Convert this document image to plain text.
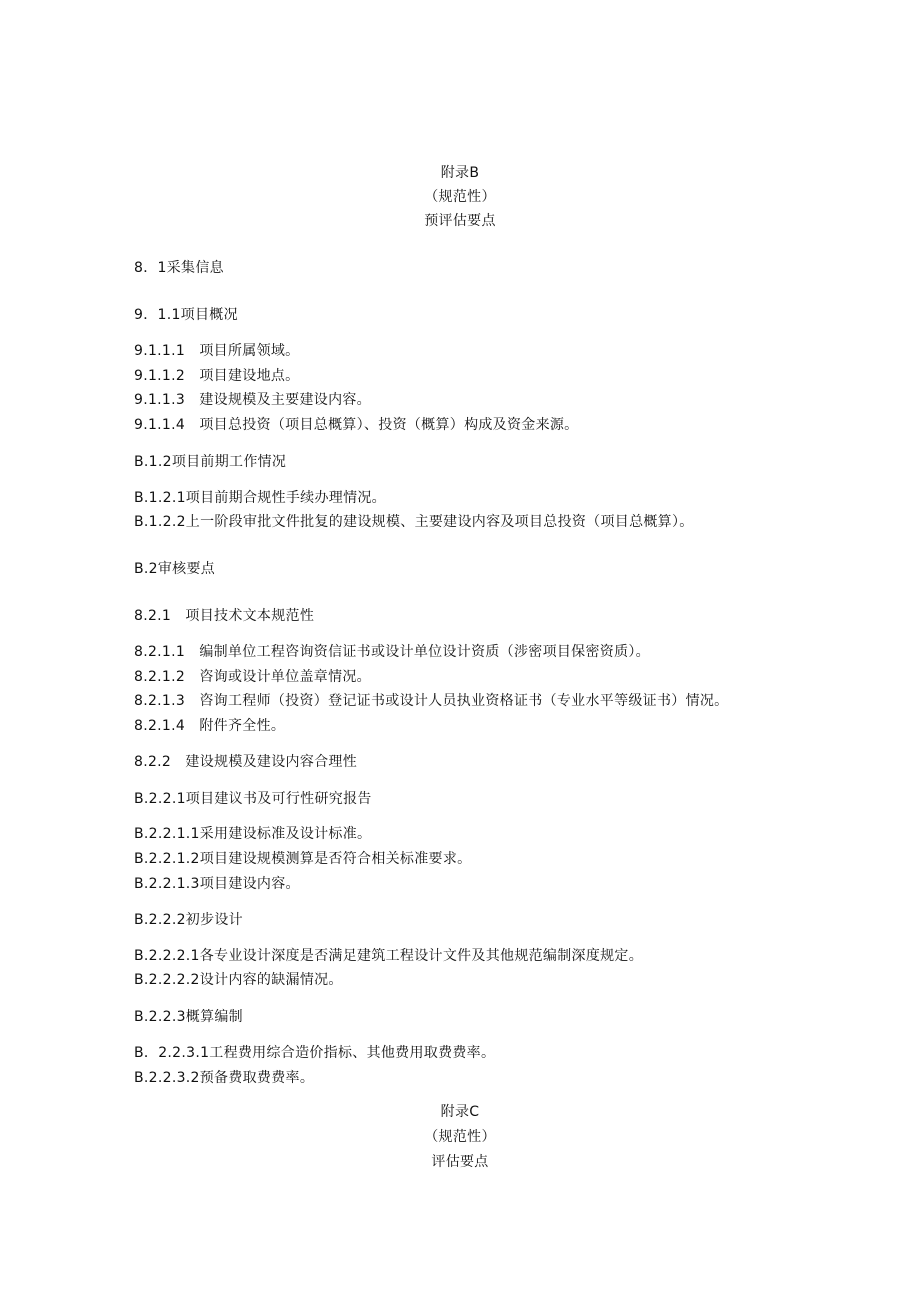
附录B
（规范性）
预评估要点
8．1采集信息
9．1.1项目概况
9.1.1.1　项目所属领域。
9.1.1.2　项目建设地点。
9.1.1.3　建设规模及主要建设内容。
9.1.1.4　项目总投资（项目总概算）、投资（概算）构成及资金来源。
B.1.2项目前期工作情况
B.1.2.1项目前期合规性手续办理情况。
B.1.2.2上一阶段审批文件批复的建设规模、主要建设内容及项目总投资（项目总概算）。
B.2审核要点
8.2.1　项目技术文本规范性
8.2.1.1　编制单位工程咨询资信证书或设计单位设计资质（涉密项目保密资质）。
8.2.1.2　咨询或设计单位盖章情况。
8.2.1.3　咨询工程师（投资）登记证书或设计人员执业资格证书（专业水平等级证书）情况。
8.2.1.4　附件齐全性。
8.2.2　建设规模及建设内容合理性
B.2.2.1项目建议书及可行性研究报告
B.2.2.1.1采用建设标准及设计标准。
B.2.2.1.2项目建设规模测算是否符合相关标准要求。
B.2.2.1.3项目建设内容。
B.2.2.2初步设计
B.2.2.2.1各专业设计深度是否满足建筑工程设计文件及其他规范编制深度规定。
B.2.2.2.2设计内容的缺漏情况。
B.2.2.3概算编制
B．2.2.3.1工程费用综合造价指标、其他费用取费费率。
B.2.2.3.2预备费取费费率。
附录C
（规范性）
评估要点
